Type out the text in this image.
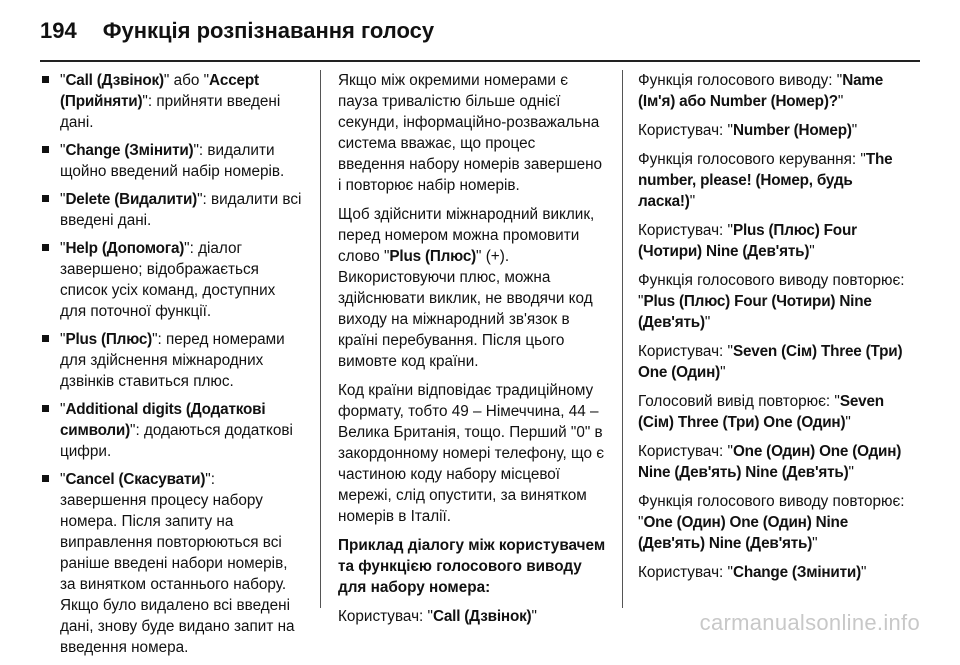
194 Функція розпізнавання голосу
"Call (Дзвінок)" або "Accept (Прийняти)": прийняти введені дані.
"Change (Змінити)": видалити щойно введений набір номерів.
"Delete (Видалити)": видалити всі введені дані.
"Help (Допомога)": діалог завершено; відображається список усіх команд, доступних для поточної функції.
"Plus (Плюс)": перед номерами для здійснення міжнародних дзвінків ставиться плюс.
"Additional digits (Додаткові символи)": додаються додаткові цифри.
"Cancel (Скасувати)": завершення процесу набору номера. Після запиту на виправлення повторюються всі раніше введені набори номерів, за винятком останнього набору. Якщо було видалено всі введені дані, знову буде видано запит на введення номера.

Якщо між окремими номерами є пауза тривалістю більше однієї секунди, інформаційно-розважальна система вважає, що процес введення набору номерів завершено і повторює набір номерів.

Щоб здійснити міжнародний виклик, перед номером можна промовити слово "Plus (Плюс)" (+). Використовуючи плюс, можна здійснювати виклик, не вводячи код виходу на міжнародний зв'язок в країні перебування. Після цього вимовте код країни.

Код країни відповідає традиційному формату, тобто 49 – Німеччина, 44 – Велика Британія, тощо. Перший "0" в закордонному номері телефону, що є частиною коду набору місцевої мережі, слід опустити, за винятком номерів в Італії.

Приклад діалогу між користувачем та функцією голосового виводу для набору номера:

Користувач: "Call (Дзвінок)"

Функція голосового виводу: "Name (Ім'я) або Number (Номер)?"

Користувач: "Number (Номер)"

Функція голосового керування: "The number, please! (Номер, будь ласка!)"

Користувач: "Plus (Плюс) Four (Чотири) Nine (Дев'ять)"

Функція голосового виводу повторює: "Plus (Плюс) Four (Чотири) Nine (Дев'ять)"

Користувач: "Seven (Сім) Three (Три) One (Один)"

Голосовий вивід повторює: "Seven (Сім) Three (Три) One (Один)"

Користувач: "One (Один) One (Один) Nine (Дев'ять) Nine (Дев'ять)"

Функція голосового виводу повторює: "One (Один) One (Один) Nine (Дев'ять) Nine (Дев'ять)"

Користувач: "Change (Змінити)"

carmanualsonline.info
